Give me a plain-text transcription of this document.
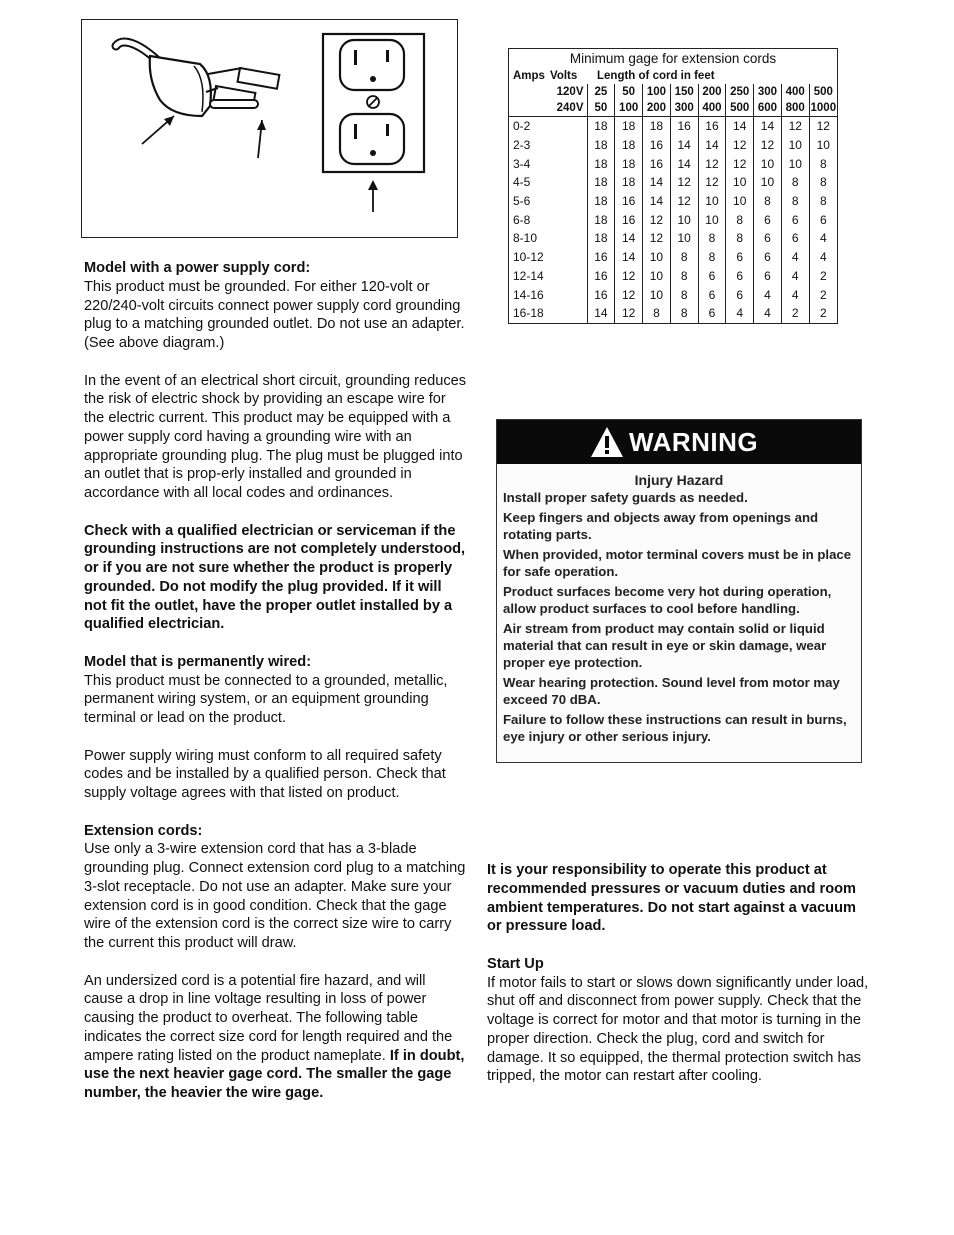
Minimum gage for extension cords
Amps Volts Length of cord in feet
120V	25	50	100	150	200	250	300	400	500
240V	50	100	200	300	400	500	600	800	1000
0-2	18	18	18	16	16	14	14	12	12
2-3	18	18	16	14	14	12	12	10	10
3-4	18	18	16	14	12	12	10	10	8
4-5	18	18	14	12	12	10	10	8	8
5-6	18	16	14	12	10	10	8	8	8
6-8	18	16	12	10	10	8	6	6	6
8-10	18	14	12	10	8	8	6	6	4
10-12	16	14	10	8	8	6	6	4	4
12-14	16	12	10	8	6	6	6	4	2
14-16	16	12	10	8	6	6	4	4	2
16-18	14	12	8	8	6	4	4	2	2
WARNING
Injury Hazard
Install proper safety guards as needed.
Keep fingers and objects away from openings and rotating parts.
When provided, motor terminal covers must be in place for safe operation.
Product surfaces become very hot during operation, allow product surfaces to cool before handling.
Air stream from product may contain solid or liquid material that can result in eye or skin damage, wear proper eye protection.
Wear hearing protection. Sound level from motor may exceed 70 dBA.
Failure to follow these instructions can result in burns, eye injury or other serious injury.
Model with a power supply cord:

This product must be grounded. For either 120-volt or 220/240-volt circuits connect power supply cord grounding plug to a matching grounded outlet. Do not use an adapter. (See above diagram.)

In the event of an electrical short circuit, grounding reduces the risk of electric shock by providing an escape wire for the electric current. This product may be equipped with a power supply cord having a grounding wire with an appropriate grounding plug. The plug must be plugged into an outlet that is prop-erly installed and grounded in accordance with all local codes and ordinances.

Check with a qualified electrician or serviceman if the grounding instructions are not completely understood, or if you are not sure whether the product is properly grounded. Do not modify the plug provided. If it will not fit the outlet, have the proper outlet installed by a qualified electrician.

Model that is permanently wired:

This product must be connected to a grounded, metallic, permanent wiring system, or an equipment grounding terminal or lead on the product.

Power supply wiring must conform to all required safety codes and be installed by a qualified person. Check that supply voltage agrees with that listed on product.

Extension cords:

Use only a 3-wire extension cord that has a 3-blade grounding plug. Connect extension cord plug to a matching 3-slot receptacle. Do not use an adapter. Make sure your extension cord is in good condition. Check that the gage wire of the extension cord is the correct size wire to carry the current this product will draw.

An undersized cord is a potential fire hazard, and will cause a drop in line voltage resulting in loss of power causing the product to overheat. The following table indicates the correct size cord for length required and the ampere rating listed on the product nameplate. If in doubt, use the next heavier gage cord. The smaller the gage number, the heavier the wire gage.

It is your responsibility to operate this product at recommended pressures or vacuum duties and room ambient temperatures. Do not start against a vacuum or pressure load.

Start Up

If motor fails to start or slows down significantly under load, shut off and disconnect from power supply. Check that the voltage is correct for motor and that motor is turning in the proper direction. Check the plug, cord and switch for damage. It so equipped, the thermal protection switch has tripped, the motor can restart after cooling.
